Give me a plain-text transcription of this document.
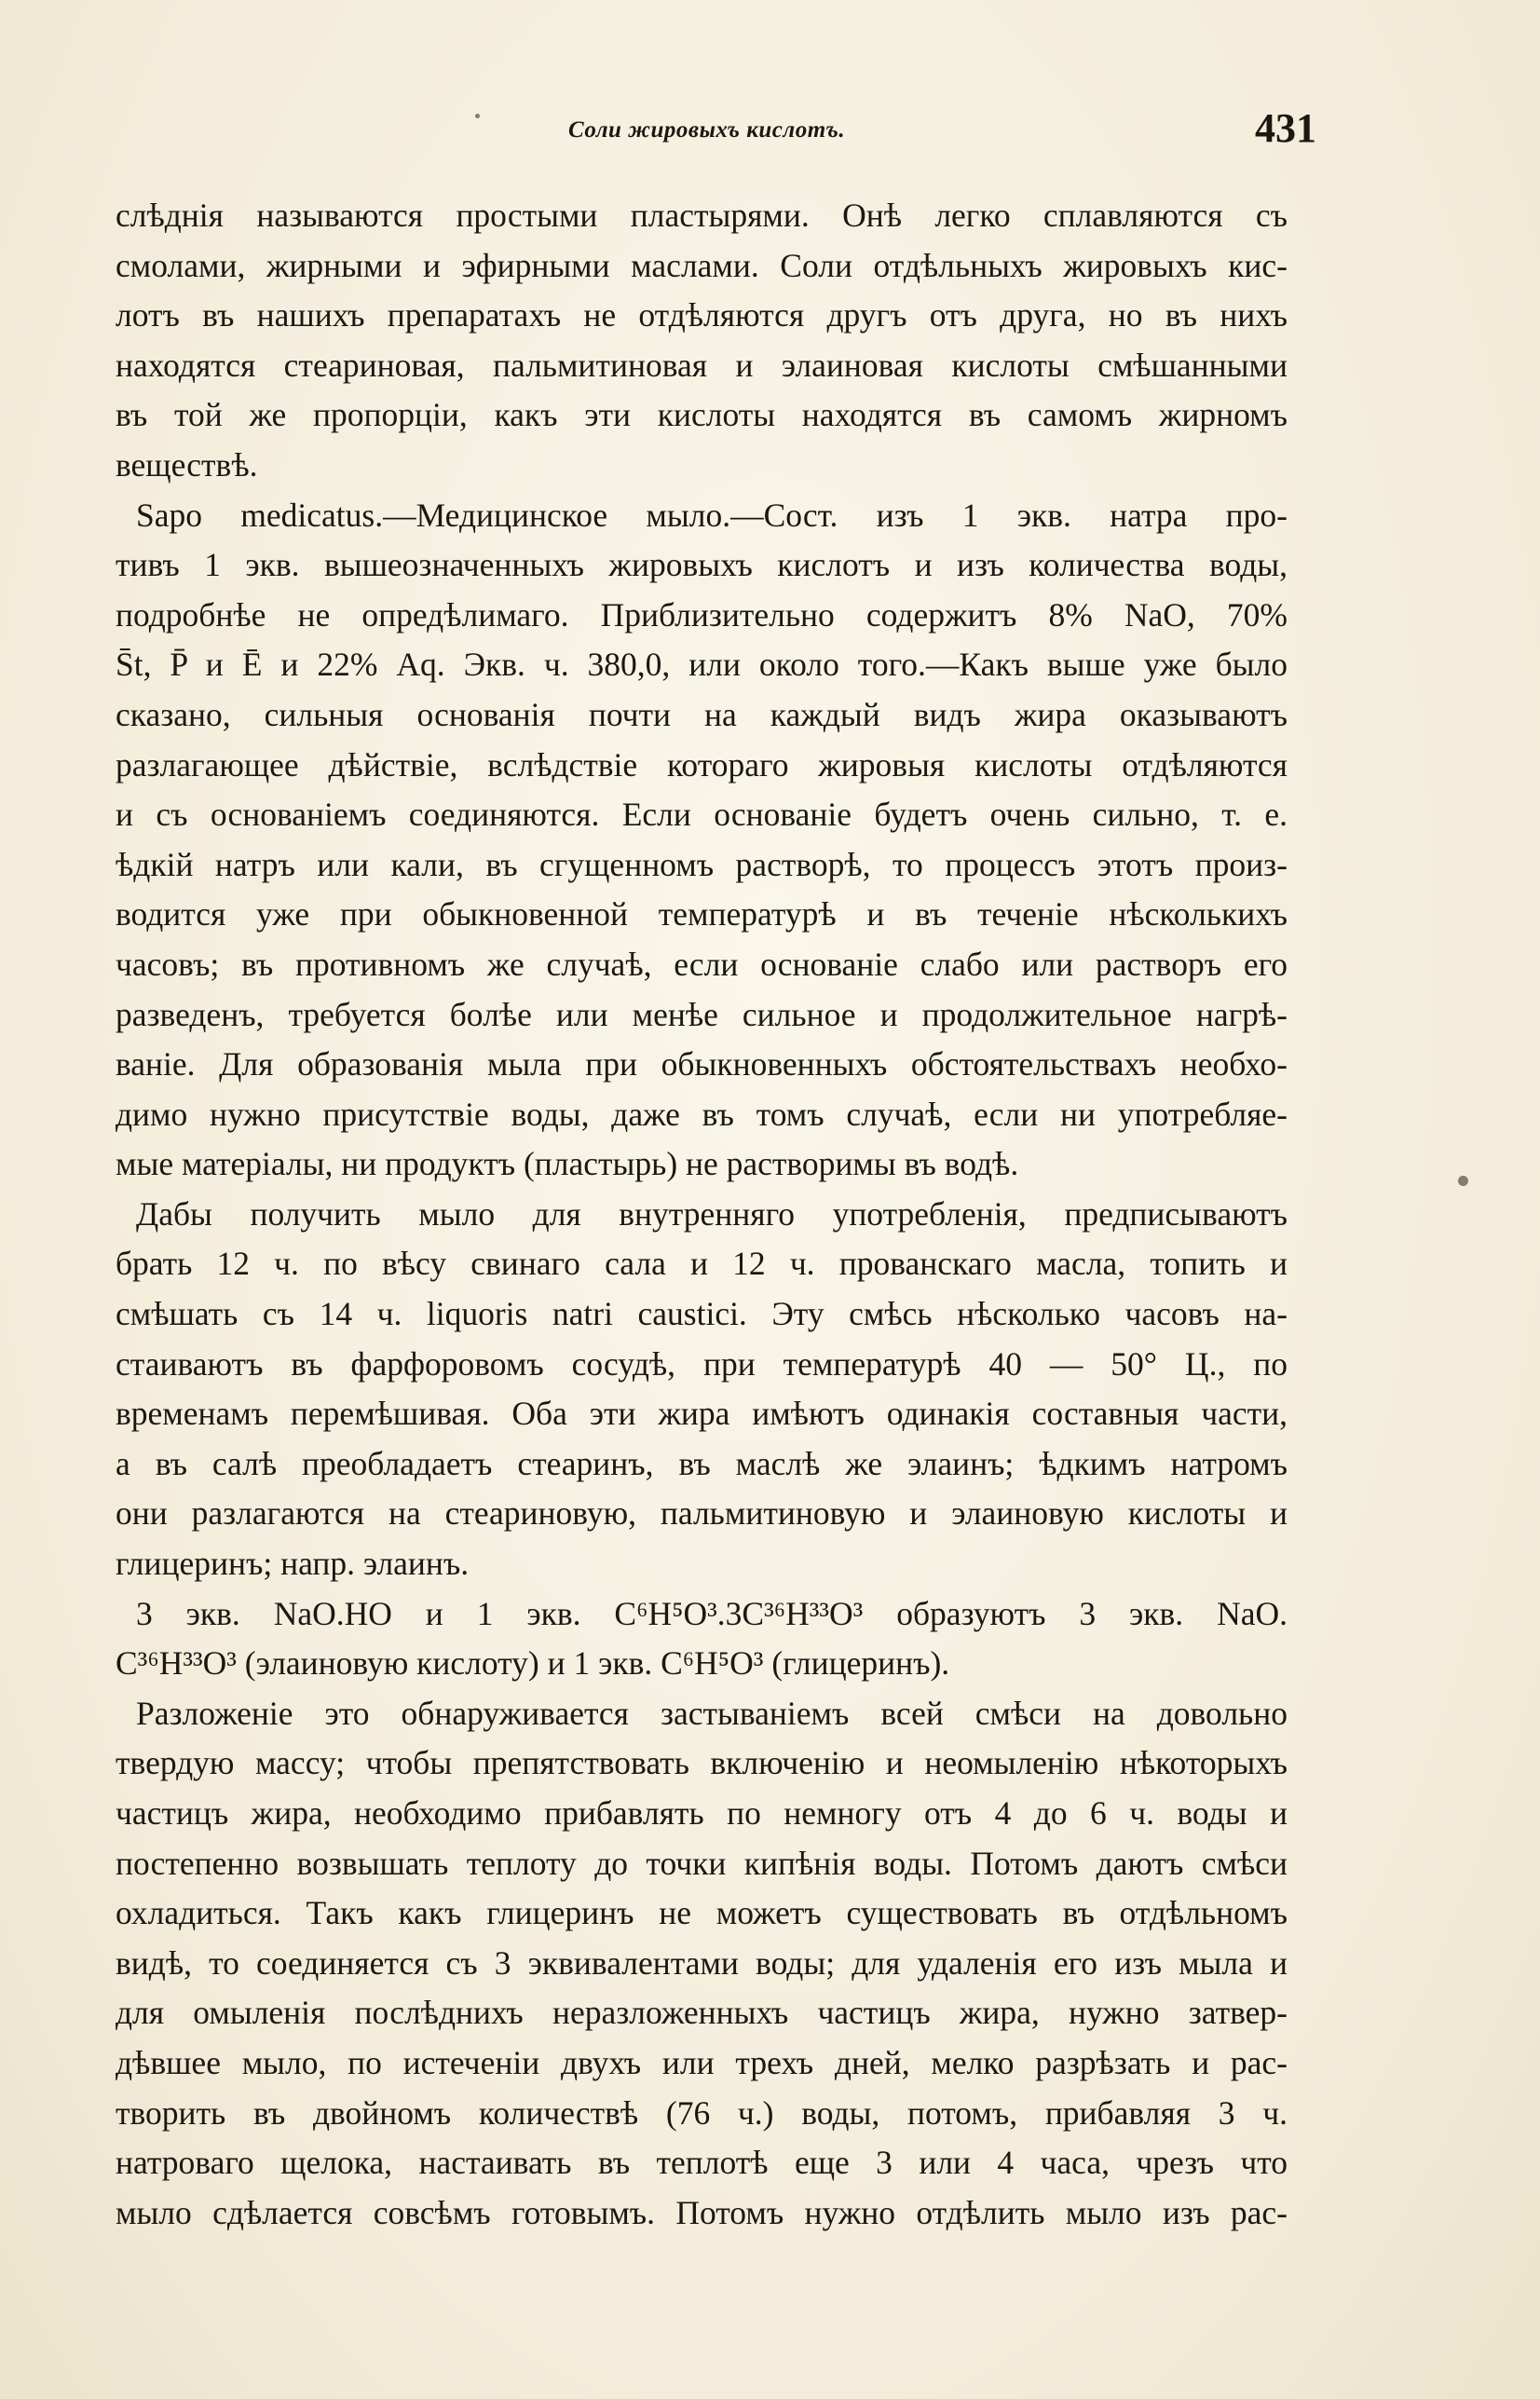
Соли жировыхъ кислотъ.	431

слѣднія называются простыми пластырями. Онѣ легко сплавляются съ

смолами, жирными и эфирными маслами. Соли отдѣльныхъ жировыхъ кис-

лотъ въ нашихъ препаратахъ не отдѣляются другъ отъ друга, но въ нихъ

находятся стеариновая, пальмитиновая и элаиновая кислоты смѣшанными

въ той же пропорціи, какъ эти кислоты находятся въ самомъ жирномъ

веществѣ.

Sapo medicatus.—Медицинское мыло.—Сост. изъ 1 экв. натра про-

тивъ 1 экв. вышеозначенныхъ жировыхъ кислотъ и изъ количества воды,

подробнѣе не опредѣлимаго. Приблизительно содержитъ 8% NaO, 70%

S̄t, P̄ и Ē и 22% Aq. Экв. ч. 380,0, или около того.—Какъ выше уже было

сказано, сильныя основанія почти на каждый видъ жира оказываютъ

разлагающее дѣйствіе, вслѣдствіе котораго жировыя кислоты отдѣляются

и съ основаніемъ соединяются. Если основаніе будетъ очень сильно, т. е.

ѣдкій натръ или кали, въ сгущенномъ растворѣ, то процессъ этотъ произ-

водится уже при обыкновенной температурѣ и въ теченіе нѣсколькихъ

часовъ; въ противномъ же случаѣ, если основаніе слабо или растворъ его

разведенъ, требуется болѣе или менѣе сильное и продолжительное нагрѣ-

ваніе. Для образованія мыла при обыкновенныхъ обстоятельствахъ необхо-

димо нужно присутствіе воды, даже въ томъ случаѣ, если ни употребляе-

мые матеріалы, ни продуктъ (пластырь) не растворимы въ водѣ.

Дабы получить мыло для внутренняго употребленія, предписываютъ

брать 12 ч. по вѣсу свинаго сала и 12 ч. прованскаго масла, топить и

смѣшать съ 14 ч. liquoris natri caustici. Эту смѣсь нѣсколько часовъ на-

стаиваютъ въ фарфоровомъ сосудѣ, при температурѣ 40 — 50° Ц., по

временамъ перемѣшивая. Оба эти жира имѣютъ одинакія составныя части,

а въ салѣ преобладаетъ стеаринъ, въ маслѣ же элаинъ; ѣдкимъ натромъ

они разлагаются на стеариновую, пальмитиновую и элаиновую кислоты и

глицеринъ; напр. элаинъ.

3 экв. NaO.HO и 1 экв. C⁶H⁵O³.3C³⁶H³³O³ образуютъ 3 экв. NaO.

C³⁶H³³O³ (элаиновую кислоту) и 1 экв. C⁶H⁵O³ (глицеринъ).

Разложеніе это обнаруживается застываніемъ всей смѣси на довольно

твердую массу; чтобы препятствовать включенію и неомыленію нѣкоторыхъ

частицъ жира, необходимо прибавлять по немногу отъ 4 до 6 ч. воды и

постепенно возвышать теплоту до точки кипѣнія воды. Потомъ даютъ смѣси

охладиться. Такъ какъ глицеринъ не можетъ существовать въ отдѣльномъ

видѣ, то соединяется съ 3 эквивалентами воды; для удаленія его изъ мыла и

для омыленія послѣднихъ неразложенныхъ частицъ жира, нужно затвер-

дѣвшее мыло, по истеченіи двухъ или трехъ дней, мелко разрѣзать и рас-

творить въ двойномъ количествѣ (76 ч.) воды, потомъ, прибавляя 3 ч.

натроваго щелока, настаивать въ теплотѣ еще 3 или 4 часа, чрезъ что

мыло сдѣлается совсѣмъ готовымъ. Потомъ нужно отдѣлить мыло изъ рас-
